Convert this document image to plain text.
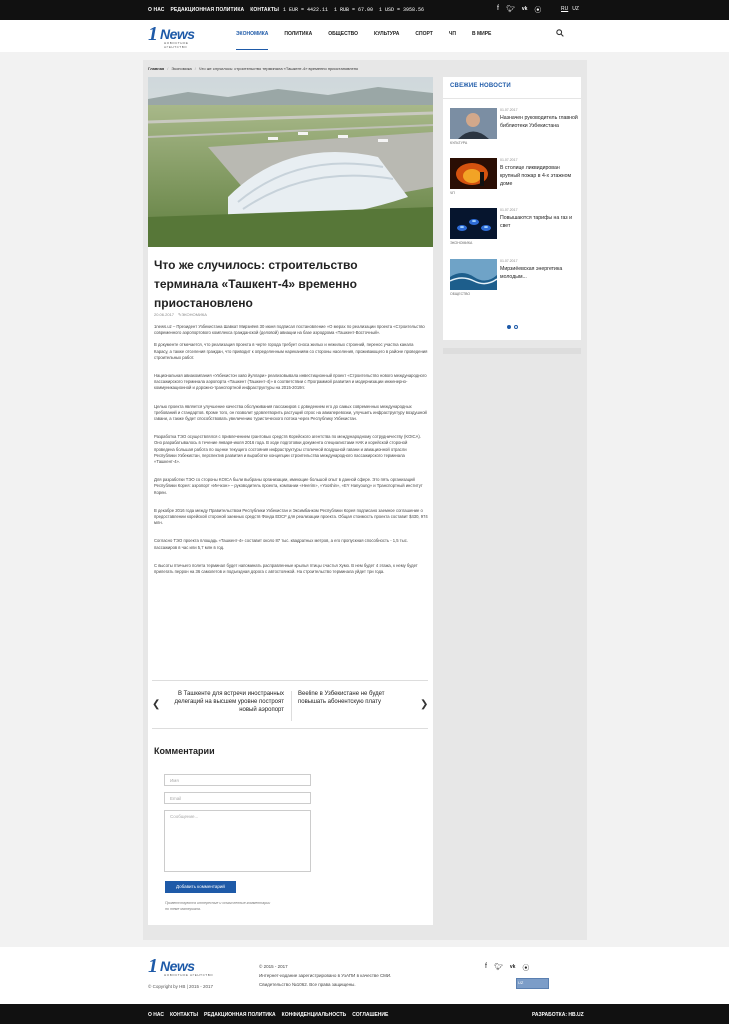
О НАС РЕДАКЦИОННАЯ ПОЛИТИКА КОНТАКТЫ 1 EUR = 4422.11 1 RUB = 67.00 1 USD = 3958.56	f 🐦︎ vk ⦿	RU UZ
1 News
НОВОСТНОЕ АГЕНТСТВО
ЭКОНОМИКА	ПОЛИТИКА	ОБЩЕСТВО	КУЛЬТУРА	СПОРТ	ЧП	В МИРЕ
Главная / Экономика / Что же случилось: строительство терминала «Ташкент-4» временно приостановлено
Что же случилось: строительство терминала «Ташкент-4» временно приостановлено
20.06.2017 ✎ЭКОНОМИКА

1news.uz – Президент Узбекистана Шавкат Мирзиёев 30 июня подписал постановление «О мерах по реализации проекта «Строительство современного аэропортового комплекса гражданской (деловой) авиации на базе аэродрома «Ташкент-Восточный».

В документе отмечается, что реализация проекта в черте города требует сноса жилых и нежилых строений, перенос участка канала Карасу, а также отселения граждан, что приводит к определенным нареканиям со стороны населения, проживающего в районе проведения строительных работ.

Национальная авиакомпания «Узбекистон хаво йуллари» реализовывала инвестиционный проект «Строительство нового международного пассажирского терминала аэропорта «Ташкент (Ташкент-4)» в соответствии с Программой развития и модернизации инженерно-коммуникационной и дорожно-транспортной инфраструктуры на 2015-2019гг.

Целью проекта является улучшение качества обслуживания пассажиров с доведением его до самых современных международных требований и стандартов. Кроме того, он позволит удовлетворить растущий спрос на авиаперевозки, улучшить инфраструктуру воздушной гавани, а также будет способствовать увеличению туристического потока через Республику Узбекистан.

Разработка ТЭО осуществлялся с привлечением грантовых средств Корейского агентства по международному сотрудничеству (KOICA). Оно разрабатывалось в течение января-июля 2016 года. В ходе подготовки документа специалистами НАК и корейской стороной проведена большая работа по оценке текущего состояния инфраструктуры столичной воздушной гавани и авиационной отрасли Республики Узбекистан, перспектив развития и выработке концепции строительства международного пассажирского терминала «Ташкент-4».

Для разработки ТЭО со стороны KOICA были выбраны организации, имеющие большой опыт в данной сфере. Это пять организаций Республики Корея: аэропорт «Инчхон» – руководитель проекта, компании «Heerim», «Yooshin», «EY Hanyoung» и Транспортный институт Кореи.

В декабре 2016 года между Правительством Республики Узбекистан и Эксимбанком Республики Корея подписано заемное соглашение о предоставлении корейской стороной заемных средств Фонда EDCF для реализации проекта. Общая стоимость проекта составит $430, 974 млн.

Согласно ТЭО проекта площадь «Ташкент-4» составит около 87 тыс. квадратных метров, а его пропускная способность - 1,5 тыс. пассажиров в час или 5,7 млн в год.

С высоты птичьего полета терминал будет напоминать расправленные крылья птицы счастья Хумо. В нем будет 4 этажа, к нему будет прилегать перрон на 36 самолетов и подъездная дорога с автостоянкой. На строительство терминала уйдет три года.

❮
В Ташкенте для встречи иностранных делегаций на высшем уровне построят новый аэропорт
Beeline в Узбекистане не будет повышать абонентскую плату	❯
Комментарии
Имя
Email
Сообщение...
Добавить комментарий
Приветствуются интересные и осмысленные комментарии по теме материала.
СВЕЖИЕ НОВОСТИ
01.07.2017
Назначен руководитель главной библиотеки Узбекистана
КУЛЬТУРА
01.07.2017
В столице ликвидирован крупный пожар в 4-х этажном доме
ЧП
01.07.2017
Повышаются тарифы на газ и свет
ЭКОНОМИКА
01.07.2017
Мирзиёевская энергетика молодым...
ОБЩЕСТВО
1 News
НОВОСТНОЕ АГЕНТСТВО
© Copyright by HB | 2015 - 2017
© 2015 - 2017
Интернет-издание зарегистрировано в УзАПИ в качестве СМИ.
Свидетельство №1062. Все права защищены.
f 🐦︎ vk ⦿
UZ
О НАС КОНТАКТЫ РЕДАКЦИОННАЯ ПОЛИТИКА КОНФИДЕНЦИАЛЬНОСТЬ СОГЛАШЕНИЕ	РАЗРАБОТКА: HB.UZ
